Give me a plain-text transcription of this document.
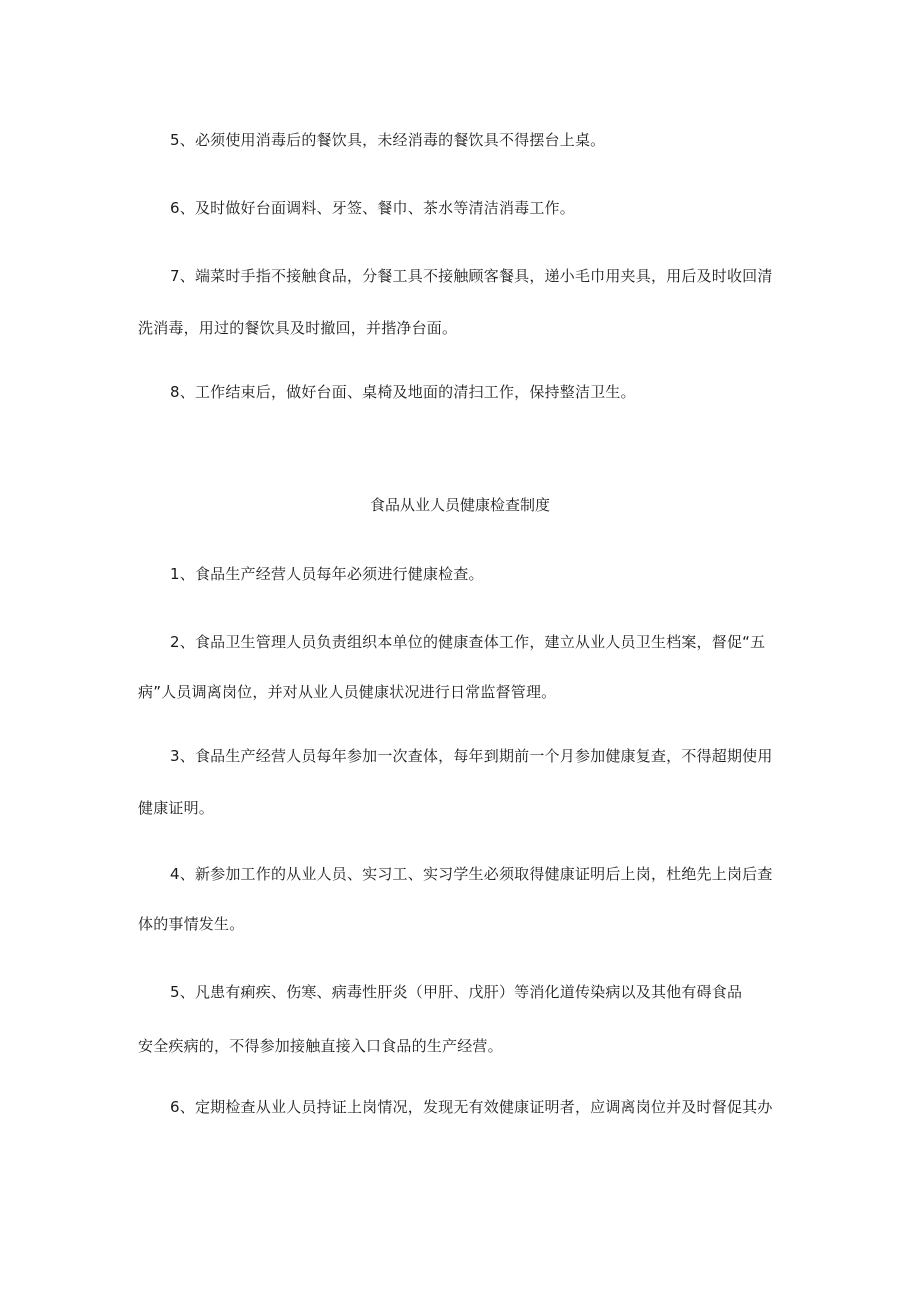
5、必须使用消毒后的餐饮具，未经消毒的餐饮具不得摆台上桌。
6、及时做好台面调料、牙签、餐巾、茶水等清洁消毒工作。
7、端菜时手指不接触食品，分餐工具不接触顾客餐具，递小毛巾用夹具，用后及时收回清
洗消毒，用过的餐饮具及时撤回，并揩净台面。
8、工作结束后，做好台面、桌椅及地面的清扫工作，保持整洁卫生。
食品从业人员健康检查制度
1、食品生产经营人员每年必须进行健康检查。
2、食品卫生管理人员负责组织本单位的健康查体工作，建立从业人员卫生档案，督促“五
病”人员调离岗位，并对从业人员健康状况进行日常监督管理。
3、食品生产经营人员每年参加一次查体，每年到期前一个月参加健康复查，不得超期使用
健康证明。
4、新参加工作的从业人员、实习工、实习学生必须取得健康证明后上岗，杜绝先上岗后查
体的事情发生。
5、凡患有痢疾、伤寒、病毒性肝炎（甲肝、戊肝）等消化道传染病以及其他有碍食品
安全疾病的，不得参加接触直接入口食品的生产经营。
6、定期检查从业人员持证上岗情况，发现无有效健康证明者，应调离岗位并及时督促其办
